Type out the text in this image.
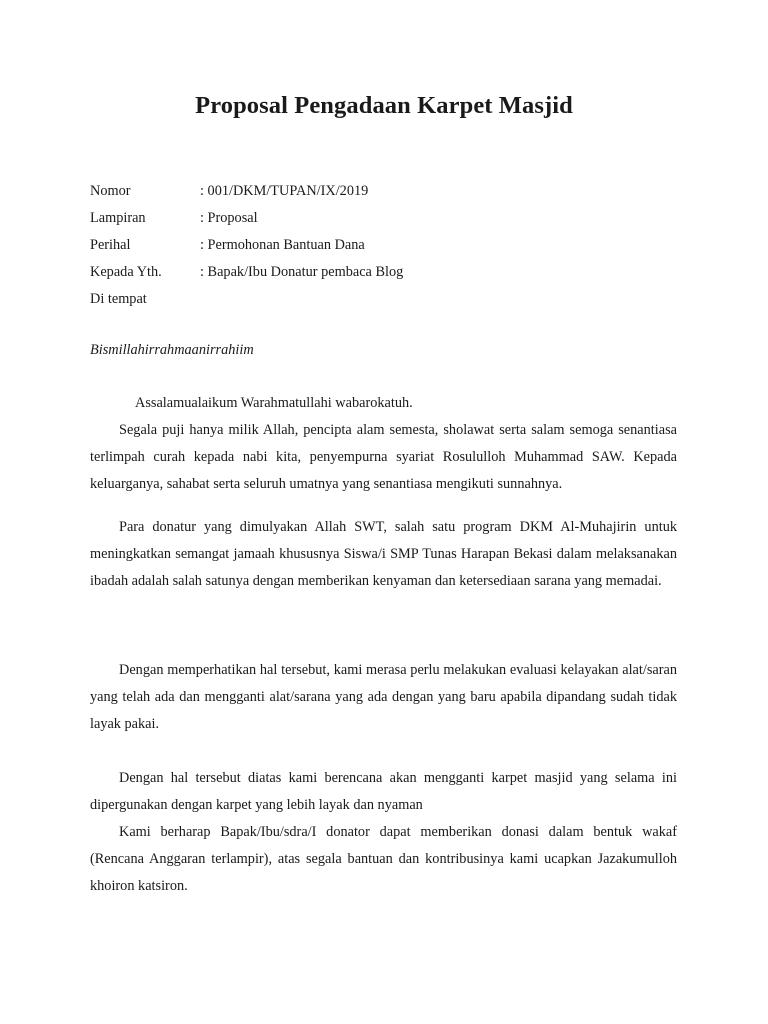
Proposal Pengadaan Karpet Masjid
Nomor	: 001/DKM/TUPAN/IX/2019
Lampiran	: Proposal
Perihal	: Permohonan Bantuan Dana
Kepada Yth.	: Bapak/Ibu Donatur pembaca Blog
Di tempat

Bismillahirrahmaanirrahiim

Assalamualaikum Warahmatullahi wabarokatuh.

Segala puji hanya milik Allah, pencipta alam semesta, sholawat serta salam semoga senantiasa terlimpah curah kepada nabi kita, penyempurna syariat Rosululloh Muhammad SAW. Kepada keluarganya, sahabat serta seluruh umatnya yang senantiasa mengikuti sunnahnya.

Para donatur yang dimulyakan Allah SWT, salah satu program DKM Al-Muhajirin untuk meningkatkan semangat jamaah khususnya Siswa/i SMP Tunas Harapan Bekasi dalam melaksanakan ibadah adalah salah satunya dengan memberikan kenyaman dan ketersediaan sarana yang memadai.

Dengan memperhatikan hal tersebut, kami merasa perlu melakukan evaluasi kelayakan alat/saran yang telah ada dan mengganti alat/sarana yang ada dengan yang baru apabila dipandang sudah tidak layak pakai.

Dengan hal tersebut diatas kami berencana akan mengganti karpet masjid yang selama ini dipergunakan dengan karpet yang lebih layak dan nyaman

Kami berharap Bapak/Ibu/sdra/I donator dapat memberikan donasi dalam bentuk wakaf (Rencana Anggaran terlampir), atas segala bantuan dan kontribusinya kami ucapkan Jazakumulloh khoiron katsiron.
